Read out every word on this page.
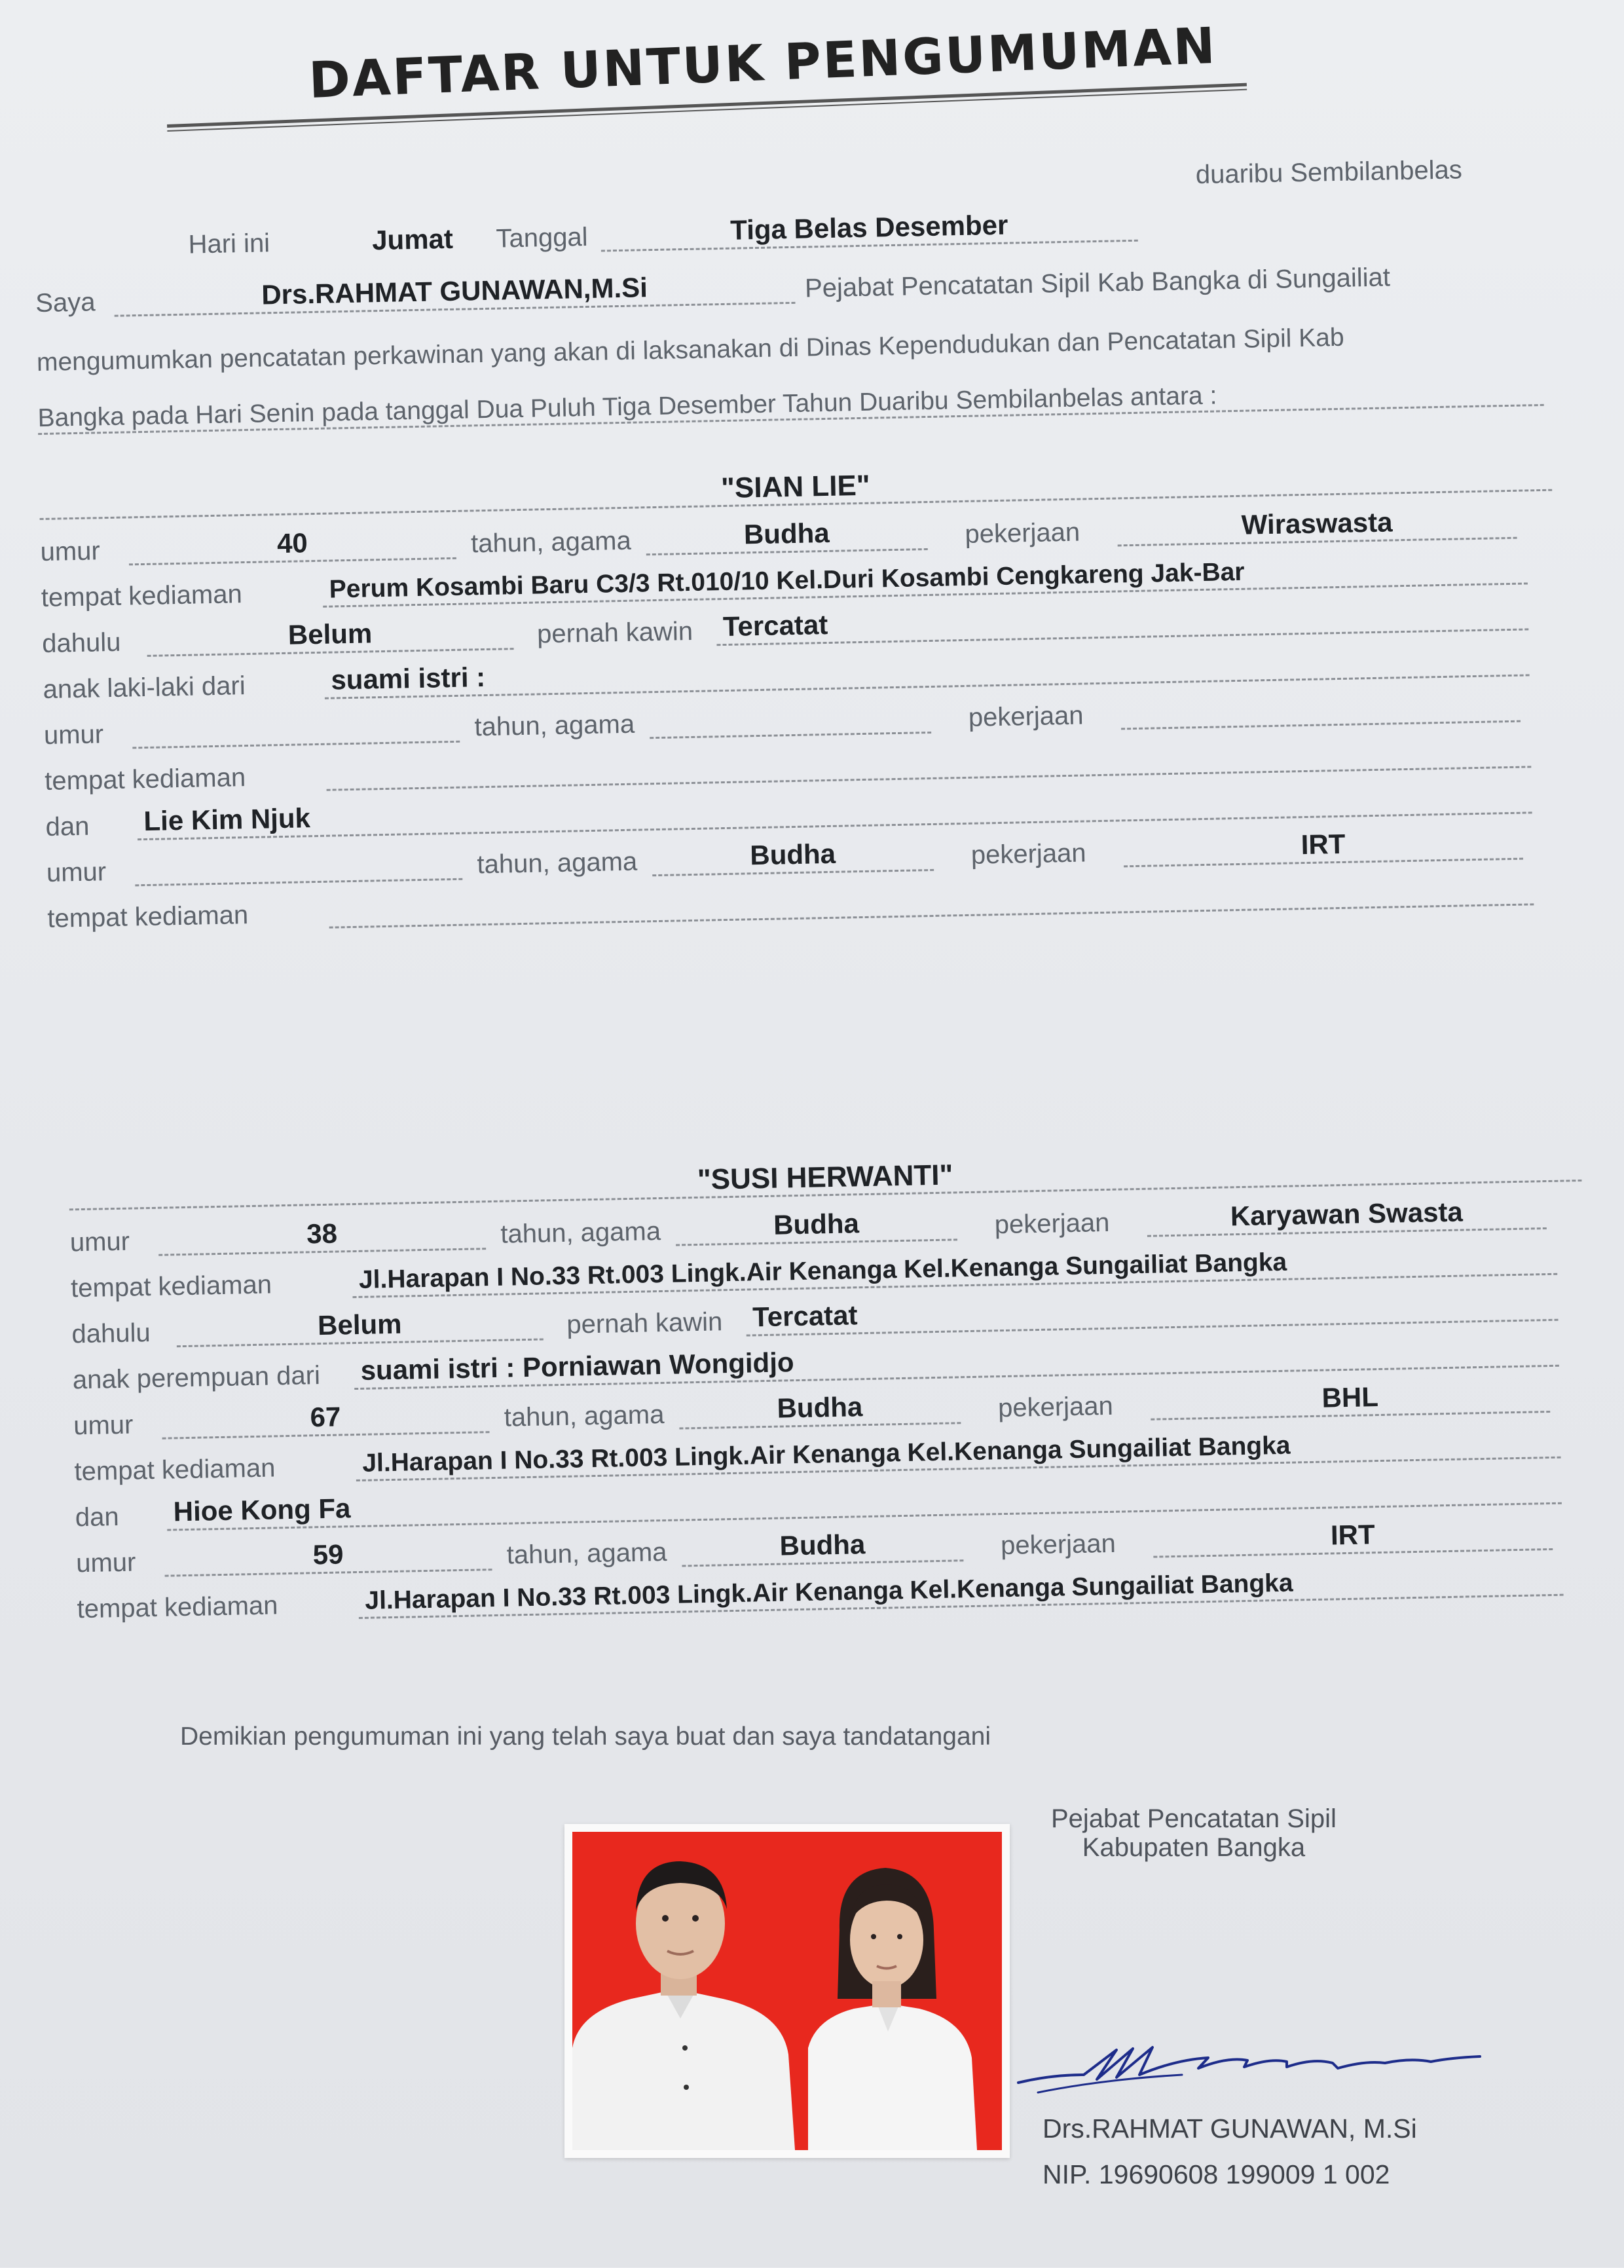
DAFTAR UNTUK PENGUMUMAN
duaribu Sembilanbelas
Hari ini	Jumat	Tanggal	Tiga Belas Desember
Saya	Drs.RAHMAT GUNAWAN,M.Si	Pejabat Pencatatan Sipil Kab Bangka di Sungailiat
mengumumkan pencatatan perkawinan yang akan di laksanakan di Dinas Kependudukan dan Pencatatan Sipil Kab
Bangka pada Hari Senin pada tanggal Dua Puluh Tiga Desember Tahun Duaribu Sembilanbelas antara :
"SIAN LIE"
umur	40	tahun, agama	Budha	pekerjaan	Wiraswasta
tempat kediaman	Perum Kosambi Baru C3/3 Rt.010/10 Kel.Duri Kosambi Cengkareng Jak-Bar
dahulu	Belum	pernah kawin	Tercatat
anak laki-laki dari	suami istri :
umur	tahun, agama	pekerjaan
tempat kediaman
dan	Lie Kim Njuk
umur	tahun, agama	Budha	pekerjaan	IRT
tempat kediaman
"SUSI HERWANTI"
umur	38	tahun, agama	Budha	pekerjaan	Karyawan Swasta
tempat kediaman	Jl.Harapan I No.33 Rt.003 Lingk.Air Kenanga Kel.Kenanga Sungailiat Bangka
dahulu	Belum	pernah kawin	Tercatat
anak perempuan dari	suami istri : Porniawan Wongidjo
umur	67	tahun, agama	Budha	pekerjaan	BHL
tempat kediaman	Jl.Harapan I No.33 Rt.003 Lingk.Air Kenanga Kel.Kenanga Sungailiat Bangka
dan	Hioe Kong Fa
umur	59	tahun, agama	Budha	pekerjaan	IRT
tempat kediaman	Jl.Harapan I No.33 Rt.003 Lingk.Air Kenanga Kel.Kenanga Sungailiat Bangka
Demikian pengumuman ini yang telah saya buat dan saya tandatangani
Pejabat Pencatatan Sipil
Kabupaten Bangka
Drs.RAHMAT GUNAWAN, M.Si
NIP. 19690608 199009 1 002
